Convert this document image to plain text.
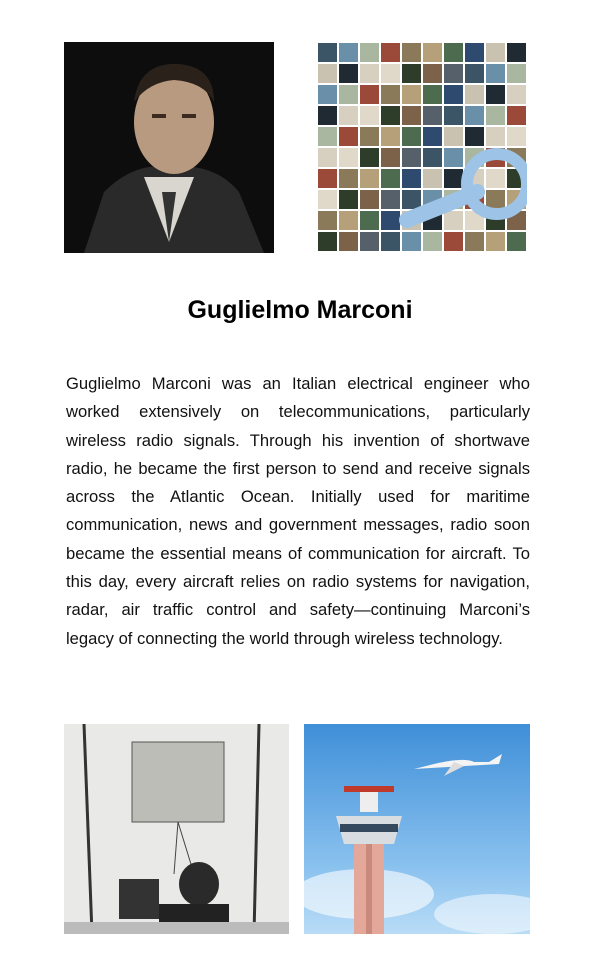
Guglielmo Marconi

Guglielmo Marconi was an Italian electrical engineer who worked extensively on telecommunications, particularly wireless radio signals. Through his invention of shortwave radio, he became the first person to send and receive signals across the Atlantic Ocean. Initially used for maritime communication, news and government messages, radio soon became the essential means of communication for aircraft. To this day, every aircraft relies on radio systems for navigation, radar, air traffic control and safety—continuing Marconi’s legacy of connecting the world through wireless technology.
